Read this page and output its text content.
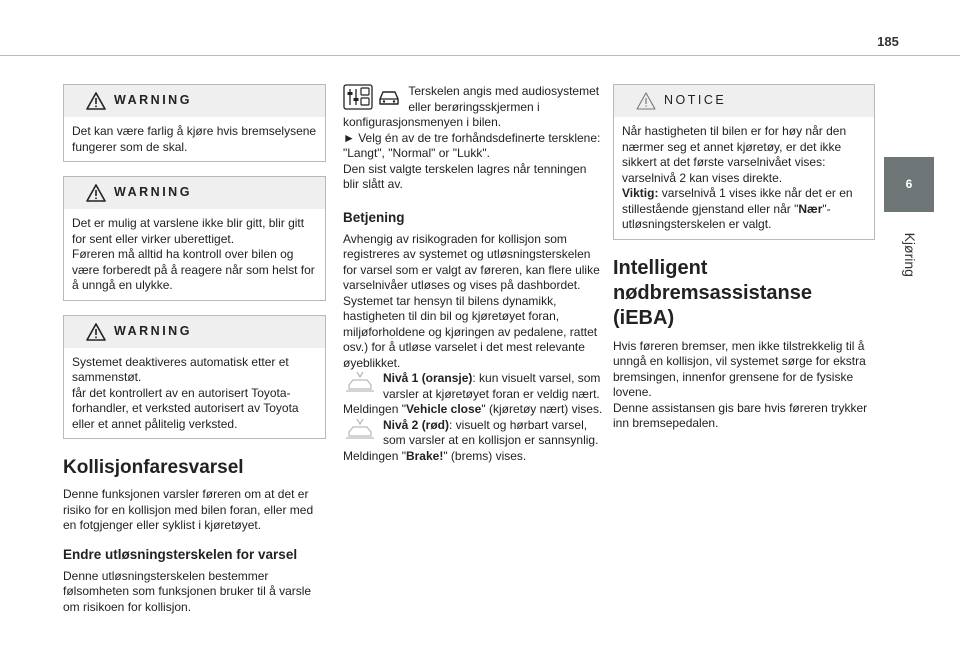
185
6
Kjøring
WARNING

Det kan være farlig å kjøre hvis bremselysene fungerer som de skal.

WARNING

Det er mulig at varslene ikke blir gitt, blir gitt for sent eller virker uberettiget.

Føreren må alltid ha kontroll over bilen og være forberedt på å reagere når som helst for å unngå en ulykke.

WARNING

Systemet deaktiveres automatisk etter et sammenstøt.

får det kontrollert av en autorisert Toyota-forhandler, et verksted autorisert av Toyota eller et annet pålitelig verksted.

Kollisjonfaresvarsel

Denne funksjonen varsler føreren om at det er risiko for en kollisjon med bilen foran, eller med en fotgjenger eller syklist i kjøretøyet.

Endre utløsningsterskelen for varsel

Denne utløsningsterskelen bestemmer følsomheten som funksjonen bruker til å varsle om risikoen for kollisjon.

Terskelen angis med audiosystemet eller berøringsskjermen i konfigurasjonsmenyen i bilen.

► Velg én av de tre forhåndsdefinerte tersklene: "Langt", "Normal" or "Lukk".

Den sist valgte terskelen lagres når tenningen blir slått av.

Betjening

Avhengig av risikograden for kollisjon som registreres av systemet og utløsningsterskelen for varsel som er valgt av føreren, kan flere ulike varselnivåer utløses og vises på dashbordet. Systemet tar hensyn til bilens dynamikk, hastigheten til din bil og kjøretøyet foran, miljøforholdene og kjøringen av pedalene, rattet osv.) for å utløse varselet i det mest relevante øyeblikket.

Nivå 1 (oransje): kun visuelt varsel, som varsler at kjøretøyet foran er veldig nært. Meldingen "Vehicle close" (kjøretøy nært) vises.

Nivå 2 (rød): visuelt og hørbart varsel, som varsler at en kollisjon er sannsynlig. Meldingen "Brake!" (brems) vises.

NOTICE

Når hastigheten til bilen er for høy når den nærmer seg et annet kjøretøy, er det ikke sikkert at det første varselnivået vises: varselnivå 2 kan vises direkte.

Viktig: varselnivå 1 vises ikke når det er en stillestående gjenstand eller når "Nær"-utløsningsterskelen er valgt.

Intelligent nødbremsassistanse (iEBA)

Hvis føreren bremser, men ikke tilstrekkelig til å unngå en kollisjon, vil systemet sørge for ekstra bremsingen, innenfor grensene for de fysiske lovene.

Denne assistansen gis bare hvis føreren trykker inn bremsepedalen.
